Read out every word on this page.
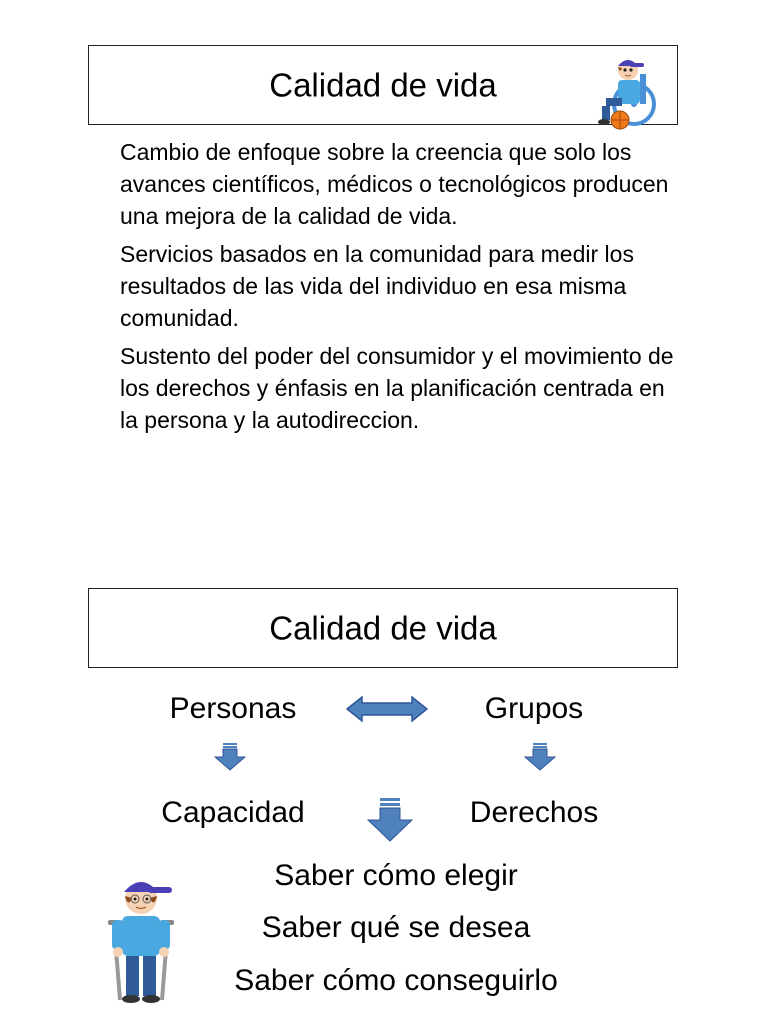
Calidad de vida

Cambio de enfoque sobre la creencia que solo los avances científicos, médicos o tecnológicos producen una mejora de la calidad de vida.

Servicios basados en la comunidad para medir los resultados de las vida del individuo en esa misma comunidad.

Sustento del poder del consumidor y el movimiento de los derechos y énfasis en la planificación centrada en la persona y la autodireccion.

Calidad de vida
Personas	Grupos
Capacidad	Derechos
Saber cómo elegir
Saber qué se desea
Saber cómo conseguirlo
